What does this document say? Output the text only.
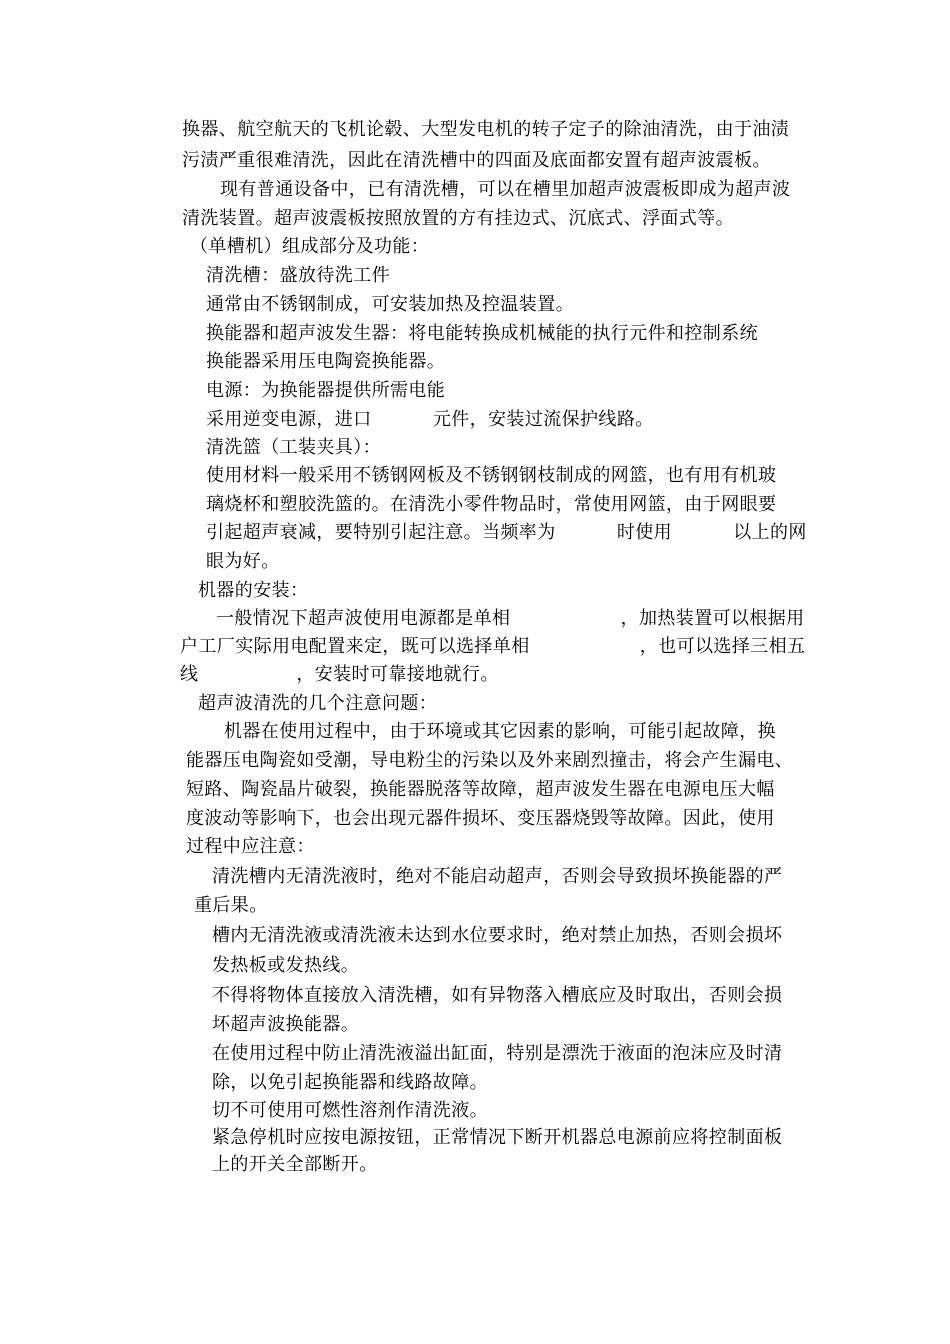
换器、航空航天的飞机论毂、大型发电机的转子定子的除油清洗，由于油渍
污渍严重很难清洗，因此在清洗槽中的四面及底面都安置有超声波震板。
现有普通设备中，已有清洗槽，可以在槽里加超声波震板即成为超声波
清洗装置。超声波震板按照放置的方有挂边式、沉底式、浮面式等。
（单槽机）组成部分及功能：
清洗槽：盛放待洗工件
通常由不锈钢制成，可安装加热及控温装置。
换能器和超声波发生器：将电能转换成机械能的执行元件和控制系统
换能器采用压电陶瓷换能器。
电源：为换能器提供所需电能
采用逆变电源，进口          元件，安装过流保护线路。
清洗篮（工装夹具）：
使用材料一般采用不锈钢网板及不锈钢钢枝制成的网篮，也有用有机玻
璃烧杯和塑胶洗篮的。在清洗小零件物品时，常使用网篮，由于网眼要
引起超声衰减，要特别引起注意。当频率为          时使用          以上的网
眼为好。
机器的安装：
一般情况下超声波使用电源都是单相                  ，加热装置可以根据用
户工厂实际用电配置来定，既可以选择单相                  ，也可以选择三相五
线                ，安装时可靠接地就行。
超声波清洗的几个注意问题：
机器在使用过程中，由于环境或其它因素的影响，可能引起故障，换
能器压电陶瓷如受潮，导电粉尘的污染以及外来剧烈撞击，将会产生漏电、
短路、陶瓷晶片破裂，换能器脱落等故障，超声波发生器在电源电压大幅
度波动等影响下，也会出现元器件损坏、变压器烧毁等故障。因此，使用
过程中应注意：
清洗槽内无清洗液时，绝对不能启动超声，否则会导致损坏换能器的严
重后果。
槽内无清洗液或清洗液未达到水位要求时，绝对禁止加热，否则会损坏
发热板或发热线。
不得将物体直接放入清洗槽，如有异物落入槽底应及时取出，否则会损
坏超声波换能器。
在使用过程中防止清洗液溢出缸面，特别是漂洗于液面的泡沫应及时清
除，以免引起换能器和线路故障。
切不可使用可燃性溶剂作清洗液。
紧急停机时应按电源按钮，正常情况下断开机器总电源前应将控制面板
上的开关全部断开。
